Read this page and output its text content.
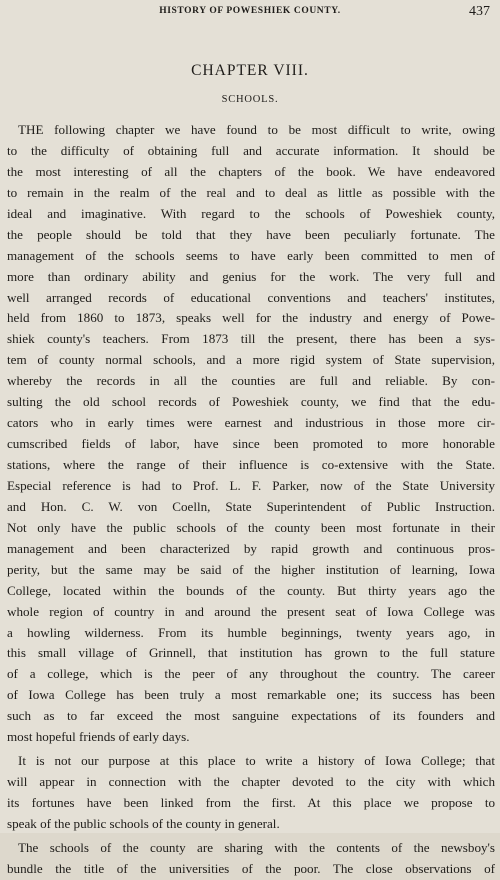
HISTORY OF POWESHIEK COUNTY.	437
CHAPTER VIII.
SCHOOLS.
THE following chapter we have found to be most difficult to write, owing
to the difficulty of obtaining full and accurate information. It should be
the most interesting of all the chapters of the book. We have endeavored
to remain in the realm of the real and to deal as little as possible with the
ideal and imaginative. With regard to the schools of Poweshiek county,
the people should be told that they have been peculiarly fortunate. The
management of the schools seems to have early been committed to men of
more than ordinary ability and genius for the work. The very full and
well arranged records of educational conventions and teachers' institutes,
held from 1860 to 1873, speaks well for the industry and energy of Powe-
shiek county's teachers. From 1873 till the present, there has been a sys-
tem of county normal schools, and a more rigid system of State supervision,
whereby the records in all the counties are full and reliable. By con-
sulting the old school records of Poweshiek county, we find that the edu-
cators who in early times were earnest and industrious in those more cir-
cumscribed fields of labor, have since been promoted to more honorable
stations, where the range of their influence is co-extensive with the State.
Especial reference is had to Prof. L. F. Parker, now of the State University
and Hon. C. W. von Coelln, State Superintendent of Public Instruction.
Not only have the public schools of the county been most fortunate in their
management and been characterized by rapid growth and continuous pros-
perity, but the same may be said of the higher institution of learning, Iowa
College, located within the bounds of the county. But thirty years ago the
whole region of country in and around the present seat of Iowa College was
a howling wilderness. From its humble beginnings, twenty years ago, in
this small village of Grinnell, that institution has grown to the full stature
of a college, which is the peer of any throughout the country. The career
of Iowa College has been truly a most remarkable one; its success has been
such as to far exceed the most sanguine expectations of its founders and
most hopeful friends of early days.
It is not our purpose at this place to write a history of Iowa College; that
will appear in connection with the chapter devoted to the city with which
its fortunes have been linked from the first. At this place we propose to
speak of the public schools of the county in general.
The schools of the county are sharing with the contents of the newsboy's
bundle the title of the universities of the poor. The close observations of
